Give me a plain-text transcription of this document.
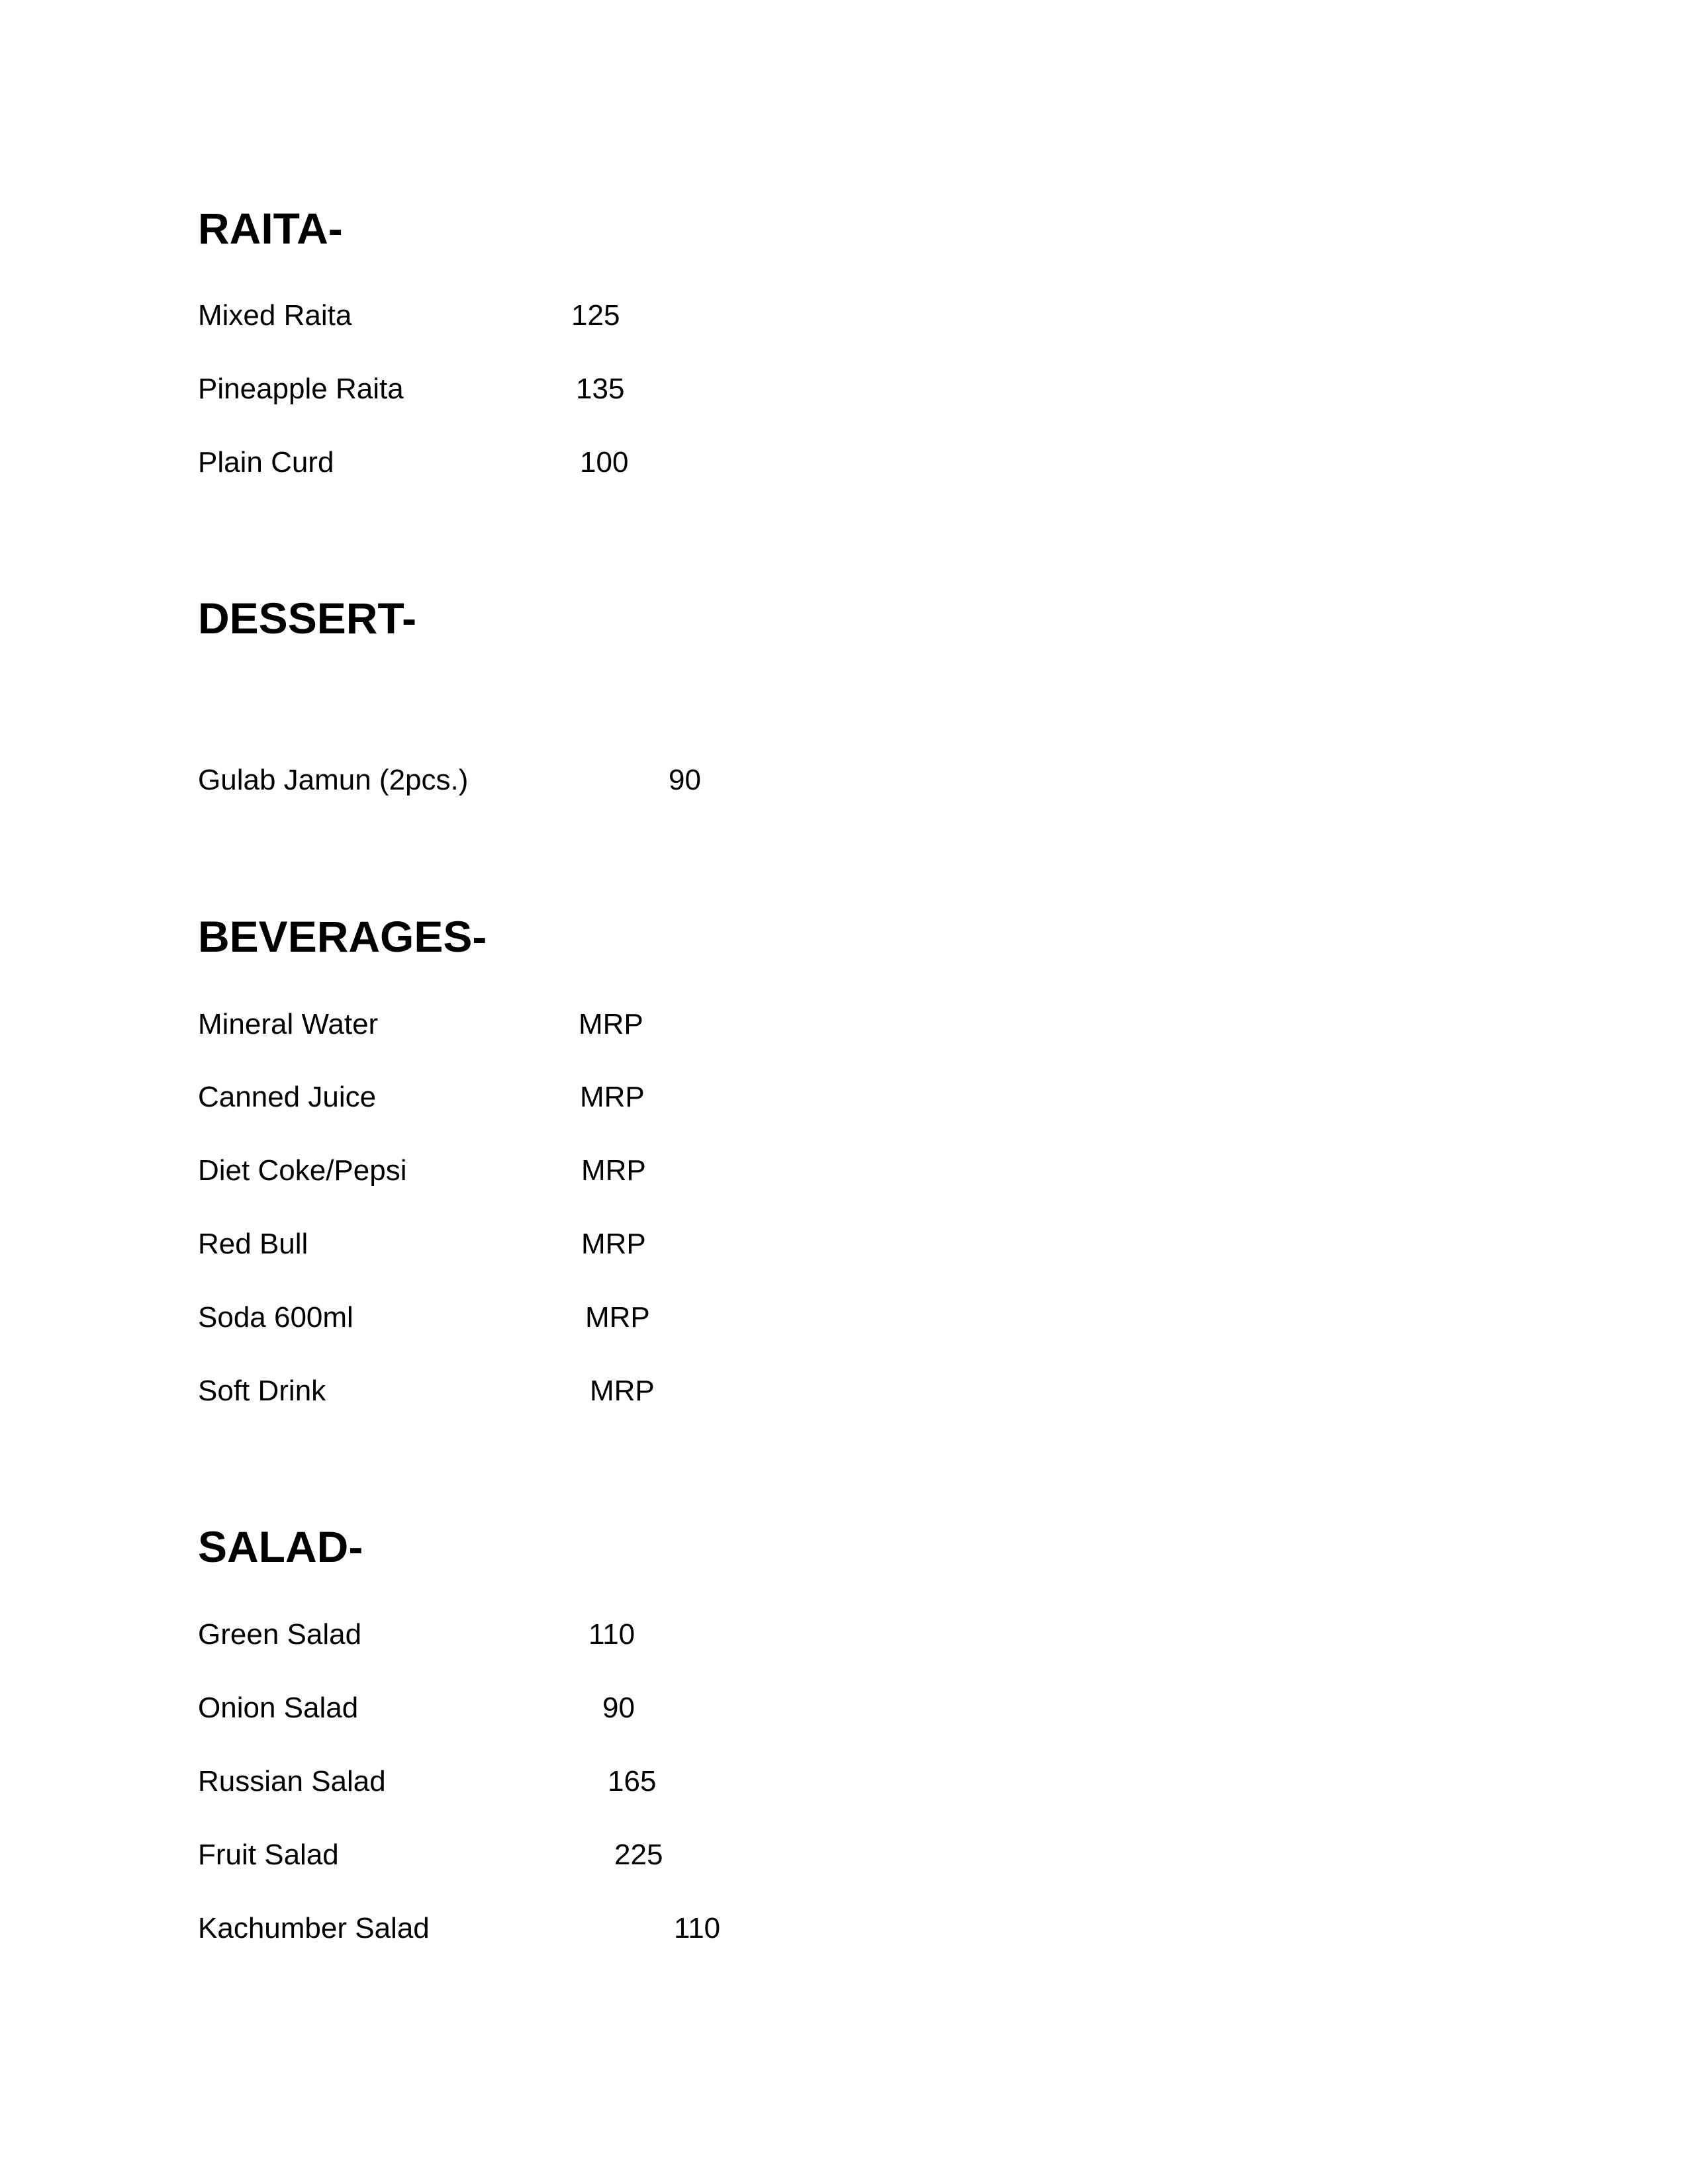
RAITA-
Mixed Raita	125
Pineapple Raita	135
Plain Curd	100
DESSERT-
Gulab Jamun (2pcs.)	90
BEVERAGES-
Mineral Water	MRP
Canned Juice	MRP
Diet Coke/Pepsi	MRP
Red Bull	MRP
Soda 600ml	MRP
Soft Drink	MRP
SALAD-
Green Salad	110
Onion Salad	90
Russian Salad	165
Fruit Salad	225
Kachumber Salad	110
